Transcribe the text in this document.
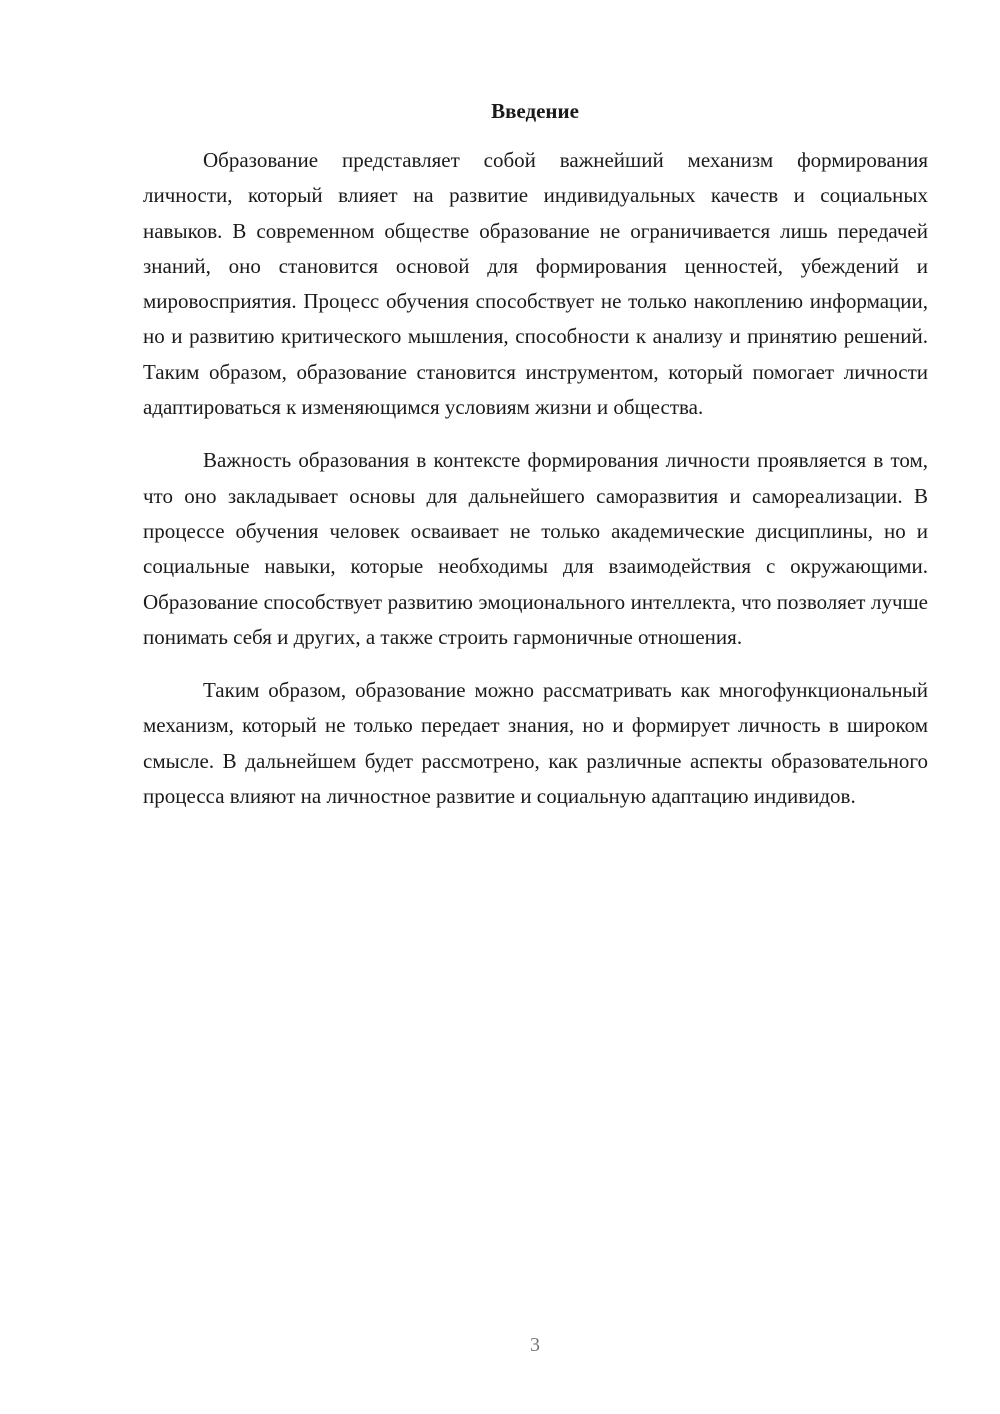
Введение

Образование представляет собой важнейший механизм формирования личности, который влияет на развитие индивидуальных качеств и социальных навыков. В современном обществе образование не ограничивается лишь передачей знаний, оно становится основой для формирования ценностей, убеждений и мировосприятия. Процесс обучения способствует не только накоплению информации, но и развитию критического мышления, способности к анализу и принятию решений. Таким образом, образование становится инструментом, который помогает личности адаптироваться к изменяющимся условиям жизни и общества.

Важность образования в контексте формирования личности проявляется в том, что оно закладывает основы для дальнейшего саморазвития и самореализации. В процессе обучения человек осваивает не только академические дисциплины, но и социальные навыки, которые необходимы для взаимодействия с окружающими. Образование способствует развитию эмоционального интеллекта, что позволяет лучше понимать себя и других, а также строить гармоничные отношения.

Таким образом, образование можно рассматривать как многофункциональный механизм, который не только передает знания, но и формирует личность в широком смысле. В дальнейшем будет рассмотрено, как различные аспекты образовательного процесса влияют на личностное развитие и социальную адаптацию индивидов.

3
